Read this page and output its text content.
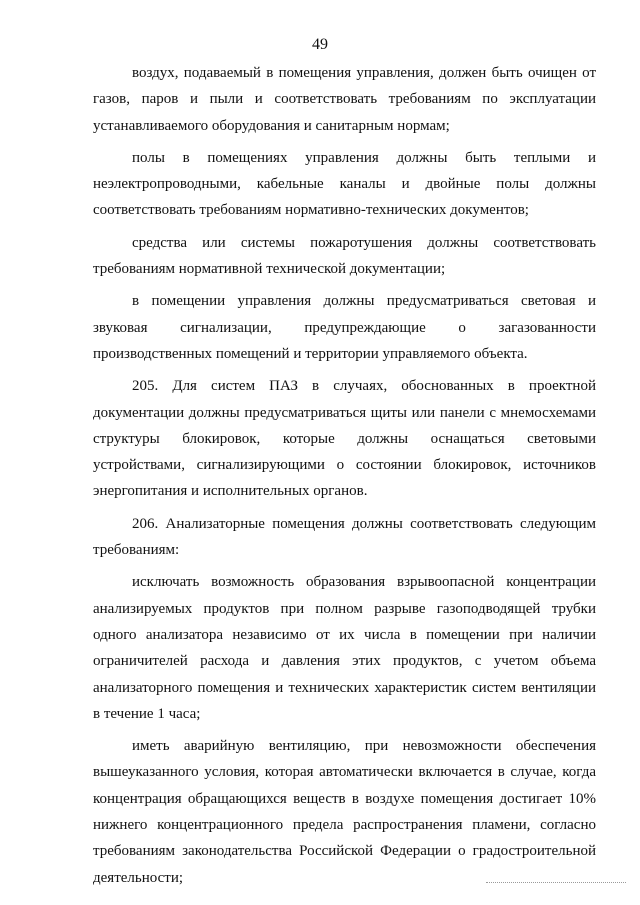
49

воздух, подаваемый в помещения управления, должен быть очищен от газов, паров и пыли и соответствовать требованиям по эксплуатации устанавливаемого оборудования и санитарным нормам;

полы в помещениях управления должны быть теплыми и неэлектропроводными, кабельные каналы и двойные полы должны соответствовать требованиям нормативно-технических документов;

средства или системы пожаротушения должны соответствовать требованиям нормативной технической документации;

в помещении управления должны предусматриваться световая и звуковая сигнализации, предупреждающие о загазованности производственных помещений и территории управляемого объекта.

205. Для систем ПАЗ в случаях, обоснованных в проектной документации должны предусматриваться щиты или панели с мнемосхемами структуры блокировок, которые должны оснащаться световыми устройствами, сигнализирующими о состоянии блокировок, источников энергопитания и исполнительных органов.

206. Анализаторные помещения должны соответствовать следующим требованиям:

исключать возможность образования взрывоопасной концентрации анализируемых продуктов при полном разрыве газоподводящей трубки одного анализатора независимо от их числа в помещении при наличии ограничителей расхода и давления этих продуктов, с учетом объема анализаторного помещения и технических характеристик систем вентиляции в течение 1 часа;

иметь аварийную вентиляцию, при невозможности обеспечения вышеуказанного условия, которая автоматически включается в случае, когда концентрация обращающихся веществ в воздухе помещения достигает 10% нижнего концентрационного предела распространения пламени, согласно требованиям законодательства Российской Федерации о градостроительной деятельности;
